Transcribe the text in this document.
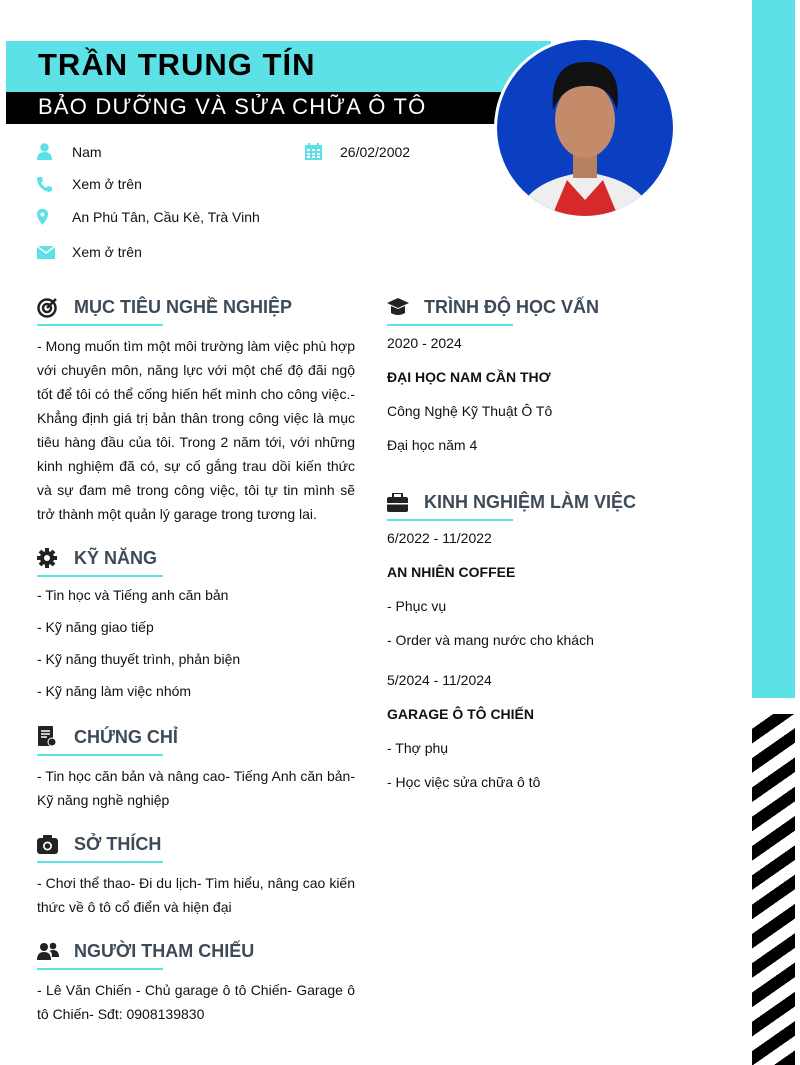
TRẦN TRUNG TÍN
BẢO DƯỠNG VÀ SỬA CHỮA Ô TÔ
Nam	26/02/2002
Xem ở trên
An Phú Tân, Cầu Kè, Trà Vinh
Xem ở trên
MỤC TIÊU NGHỀ NGHIỆP
- Mong muốn tìm một môi trường làm việc phù hợp với chuyên môn, năng lực với một chế độ đãi ngộ tốt để tôi có thể cống hiến hết mình cho công việc.- Khẳng định giá trị bản thân trong công việc là mục tiêu hàng đầu của tôi. Trong 2 năm tới, với những kinh nghiệm đã có, sự cố gắng trau dồi kiến thức và sự đam mê trong công việc, tôi tự tin mình sẽ trở thành một quản lý garage trong tương lai.
KỸ NĂNG
- Tin học và Tiếng anh căn bản
- Kỹ năng giao tiếp
- Kỹ năng thuyết trình, phản biện
- Kỹ năng làm việc nhóm
CHỨNG CHỈ
- Tin học căn bản và nâng cao- Tiếng Anh căn bản- Kỹ năng nghề nghiệp
SỞ THÍCH
- Chơi thể thao- Đi du lịch- Tìm hiểu, nâng cao kiến thức về ô tô cổ điển và hiện đại
NGƯỜI THAM CHIẾU
- Lê Văn Chiến - Chủ garage ô tô Chiến- Garage ô tô Chiến- Sđt: 0908139830
TRÌNH ĐỘ HỌC VẤN
2020 - 2024
ĐẠI HỌC NAM CẦN THƠ
Công Nghệ Kỹ Thuật Ô Tô
Đại học năm 4
KINH NGHIỆM LÀM VIỆC
6/2022 - 11/2022
AN NHIÊN COFFEE
- Phục vụ
- Order và mang nước cho khách
5/2024 - 11/2024
GARAGE Ô TÔ CHIẾN
- Thợ phụ
- Học việc sửa chữa ô tô
